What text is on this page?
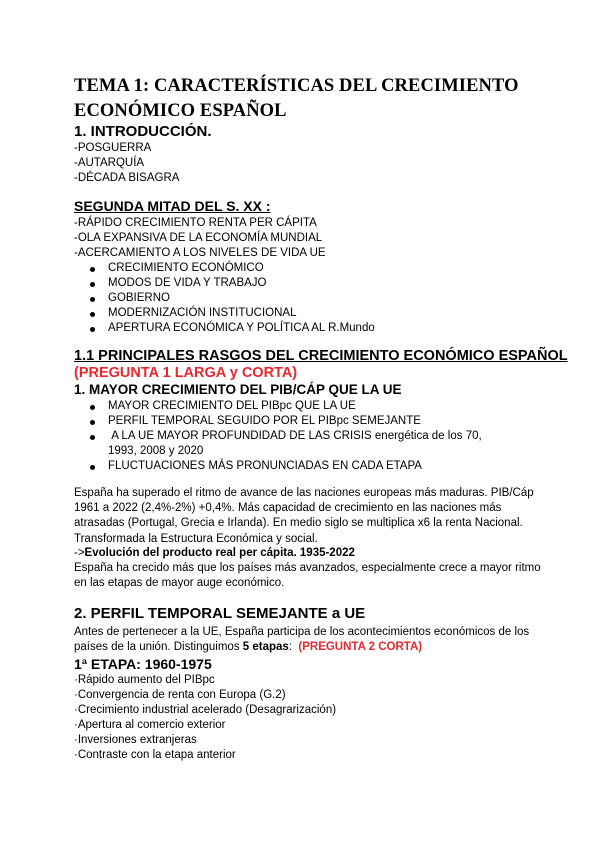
TEMA 1: CARACTERÍSTICAS DEL CRECIMIENTO
ECONÓMICO ESPAÑOL
1. INTRODUCCIÓN.
-POSGUERRA
-AUTARQUÍA
-DÉCADA BISAGRA
SEGUNDA MITAD DEL S. XX :
-RÁPIDO CRECIMIENTO RENTA PER CÁPITA
-OLA EXPANSIVA DE LA ECONOMÍA MUNDIAL
-ACERCAMIENTO A LOS NIVELES DE VIDA UE
CRECIMIENTO ECONÓMICO
MODOS DE VIDA Y TRABAJO
GOBIERNO
MODERNIZACIÓN INSTITUCIONAL
APERTURA ECONÓMICA Y POLÍTICA AL R.Mundo
1.1 PRINCIPALES RASGOS DEL CRECIMIENTO ECONÓMICO ESPAÑOL
(PREGUNTA 1 LARGA y CORTA)
1. MAYOR CRECIMIENTO DEL PIB/CÁP QUE LA UE
MAYOR CRECIMIENTO DEL PIBpc QUE LA UE
PERFIL TEMPORAL SEGUIDO POR EL PIBpc SEMEJANTE
A LA UE MAYOR PROFUNDIDAD DE LAS CRISIS energética de los 70, 1993, 2008 y 2020
FLUCTUACIONES MÁS PRONUNCIADAS EN CADA ETAPA
España ha superado el ritmo de avance de las naciones europeas más maduras. PIB/Cáp 1961 a 2022 (2,4%-2%) +0,4%. Más capacidad de crecimiento en las naciones más atrasadas (Portugal, Grecia e Irlanda). En medio siglo se multiplica x6 la renta Nacional. Transformada la Estructura Económica y social.
->Evolución del producto real per cápita. 1935-2022
España ha crecido más que los países más avanzados, especialmente crece a mayor ritmo en las etapas de mayor auge económico.
2. PERFIL TEMPORAL SEMEJANTE a UE
Antes de pertenecer a la UE, España participa de los acontecimientos económicos de los países de la unión. Distinguimos 5 etapas: (PREGUNTA 2 CORTA)
1ª ETAPA: 1960-1975
·Rápido aumento del PIBpc
·Convergencia de renta con Europa (G.2)
·Crecimiento industrial acelerado (Desagrarización)
·Apertura al comercio exterior
·Inversiones extranjeras
·Contraste con la etapa anterior
